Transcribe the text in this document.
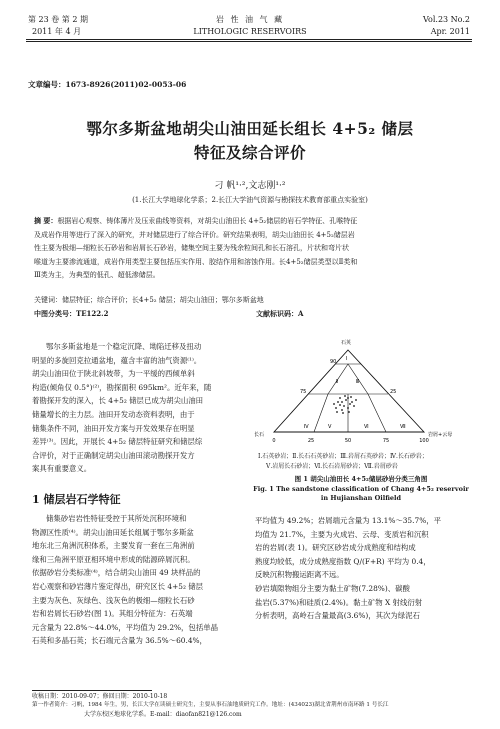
第 23 卷 第 2 期
2011 年 4 月
岩 性 油 气 藏
LITHOLOGIC RESERVOIRS
Vol.23 No.2
Apr. 2011
文章编号：1673-8926(2011)02-0053-06
鄂尔多斯盆地胡尖山油田延长组长 4+5₂ 储层
特征及综合评价
刁 帆¹·²,文志刚¹·²
(1.长江大学地球化学系；2.长江大学油气资源与勘探技术教育部重点实验室)
摘 要：根据岩心观察、铸体薄片及压汞曲线等资料，对胡尖山油田长 4+5₂储层的岩石学特征、孔喉特征
及成岩作用等进行了深入的研究，并对储层进行了综合评价。研究结果表明，胡尖山油田长 4+5₂储层岩
性主要为极细—细粒长石砂岩和岩屑长石砂岩，储集空间主要为残余粒间孔和长石溶孔，片状和弯片状
喉道为主要渗流通道，成岩作用类型主要包括压实作用、胶结作用和溶蚀作用。长4+5₂储层类型以Ⅱ类和
Ⅲ类为主，为典型的低孔、超低渗储层。
关键词：储层特征；综合评价；长4+5₂ 储层；胡尖山油田；鄂尔多斯盆地
中图分类号：TE122.2	文献标识码：A

鄂尔多斯盆地是一个稳定沉降、坳陷迁移及扭动

明显的多旋回克拉通盆地，蕴含丰富的油气资源⁽¹⁾。

胡尖山油田位于陕北斜坡带，为一平缓的西倾单斜

构造(倾角仅 0.5°)⁽²⁾，勘探面积 695km²。近年来，随

着勘探开发的深入，长 4+5₂ 储层已成为胡尖山油田

储量增长的主力层。油田开发动态资料表明，由于

储集条件不同，油田开发方案与开发效果存在明显

差异⁽³⁾。因此，开展长 4+5₂ 储层特征研究和储层综

合评价，对于正确制定胡尖山油田滚动勘探开发方

案具有重要意义。

1 储层岩石学特征

储集砂岩岩性特征受控于其所处沉积环境和

物源区性质⁽⁴⁾。胡尖山油田延长组属于鄂尔多斯盆

地东北三角洲沉积体系，主要发育一套在三角洲前

缘和三角洲平原亚相环境中形成的陆源碎屑沉积。

依据砂岩分类标准⁽⁴⁾，结合胡尖山油田 49 块样品的

岩心观察和砂岩薄片鉴定得出，研究区长 4+5₂ 储层

主要为灰色、灰绿色、浅灰色的极细—细粒长石砂

岩和岩屑长石砂岩(图 1)。其组分特征为：石英端

元含量为 22.8%～44.0%，平均值为 29.2%，包括单晶

石英和多晶石英；长石端元含量为 36.5%～60.4%，

石英
90
75	25
Ⅰ
Ⅱ	Ⅲ
Ⅳ	Ⅴ	Ⅵ	Ⅶ
长石	岩屑+云母
0	25	50	75	100
Ⅰ.石英砂岩；Ⅱ.长石石英砂岩；Ⅲ.岩屑石英砂岩；Ⅳ.长石砂岩；
Ⅴ.岩屑长石砂岩；Ⅵ.长石岩屑砂岩；Ⅶ.岩屑砂岩
图 1 胡尖山油田长 4+5₂储层砂岩分类三角图
Fig. 1 The sandstone classification of Chang 4+5₂ reservoir
in Hujianshan Oilfield

平均值为 49.2%；岩屑端元含量为 13.1%～35.7%，平

均值为 21.7%，主要为火成岩、云母、变质岩和沉积

岩的岩屑(表 1)。研究区砂岩成分成熟度和结构成

熟度均较低，成分成熟度指数 Q/(F+R) 平均为 0.4，

反映沉积物搬运距离不远。

砂岩填隙物组分主要为黏土矿物(7.28%)、碳酸

盐岩(5.37%)和硅质(2.4%)。黏土矿物 X 射线衍射

分析表明，高岭石含量最高(3.6%)，其次为绿泥石

收稿日期：2010-09-07；修回日期：2010-10-18
第一作者简介：刁帆，1984 年生，男，长江大学在读硕士研究生，主要从事石油地质研究工作。地址：(434023)湖北省荆州市南环路 1 号长江
大学东校区地球化学系。E-mail：diaofan821@126.com
